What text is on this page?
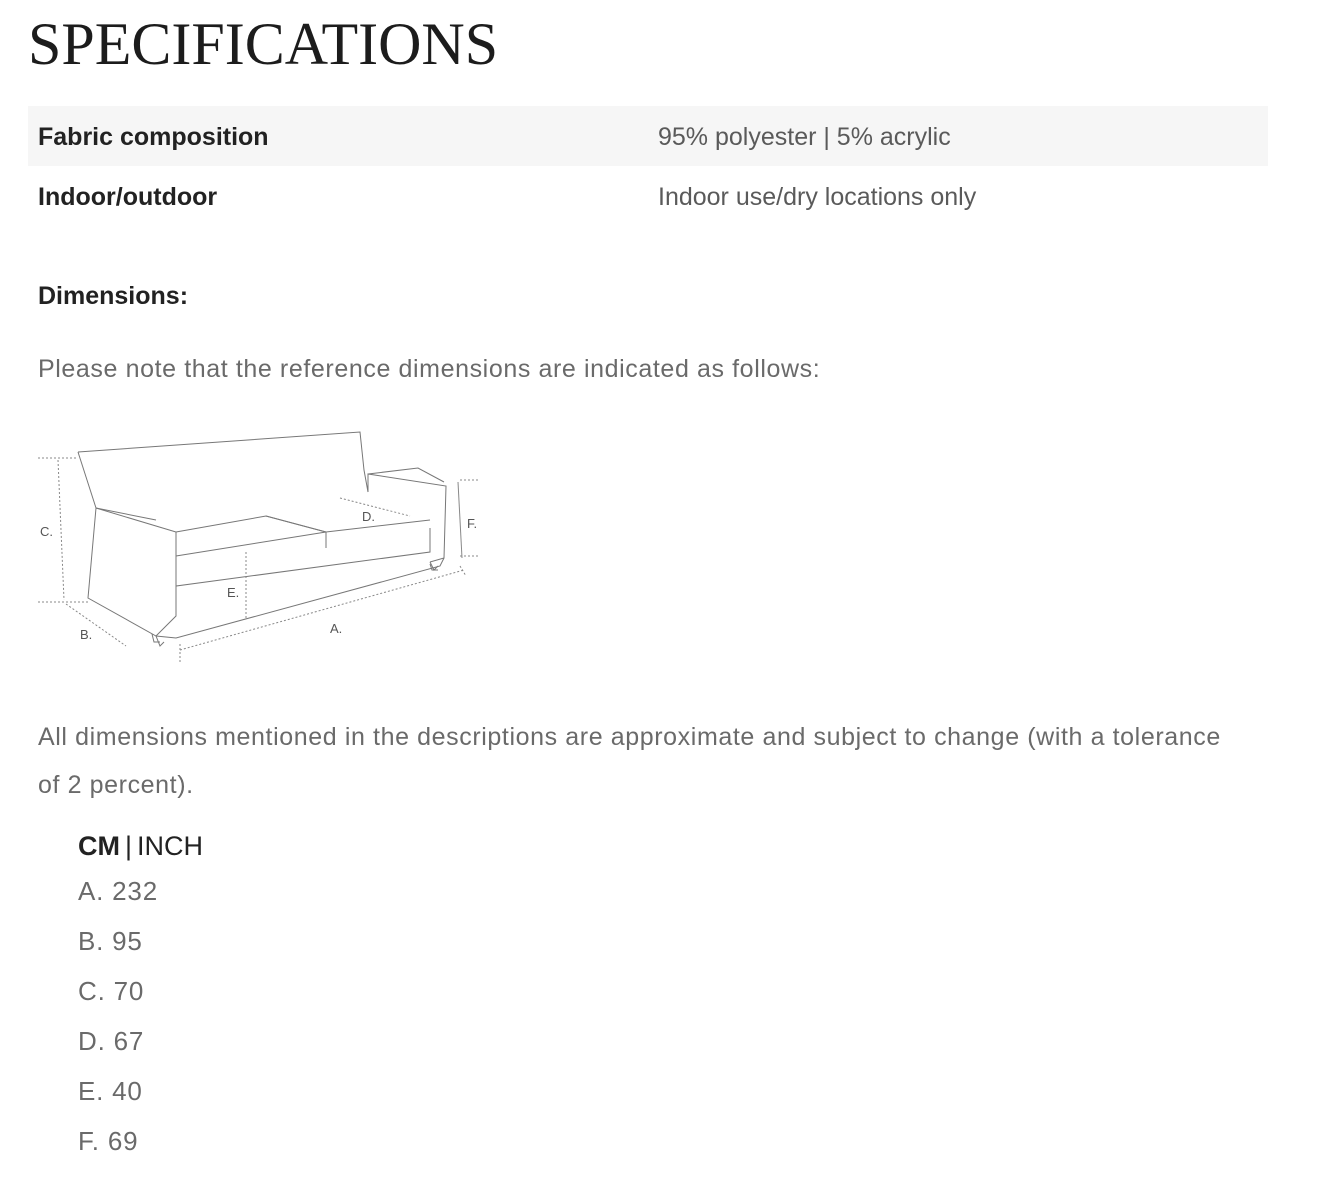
SPECIFICATIONS
Fabric composition	95% polyester | 5% acrylic
Indoor/outdoor	Indoor use/dry locations only
Dimensions:

Please note that the reference dimensions are indicated as follows:

C.
B.
E.
A.
D.	F.

All dimensions mentioned in the descriptions are approximate and subject to change (with a tolerance of 2 percent).

CM | INCH
A. 232
B. 95
C. 70
D. 67
E. 40
F. 69
